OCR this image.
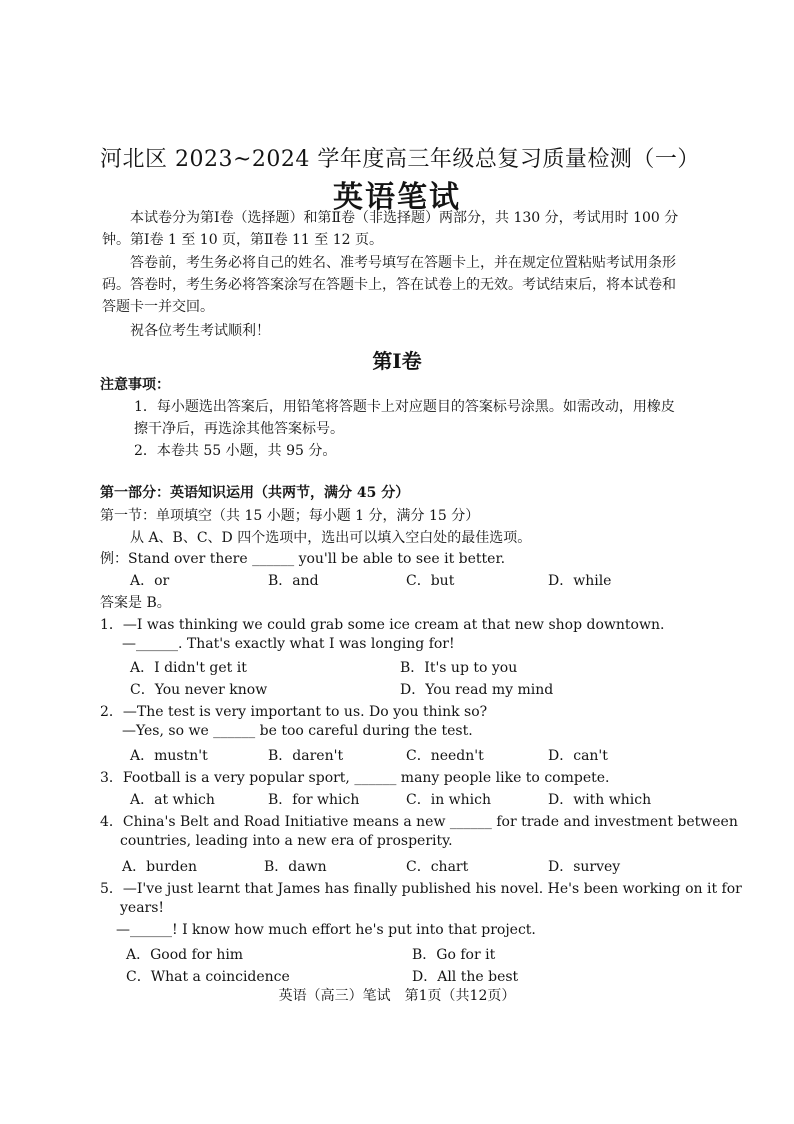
河北区 2023~2024 学年度高三年级总复习质量检测（一）
英语笔试
本试卷分为第Ⅰ卷（选择题）和第Ⅱ卷（非选择题）两部分，共 130 分，考试用时 100 分钟。第Ⅰ卷 1 至 10 页，第Ⅱ卷 11 至 12 页。
答卷前，考生务必将自己的姓名、准考号填写在答题卡上，并在规定位置粘贴考试用条形码。答卷时，考生务必将答案涂写在答题卡上，答在试卷上的无效。考试结束后，将本试卷和答题卡一并交回。
祝各位考生考试顺利！
第Ⅰ卷
注意事项：
1．每小题选出答案后，用铅笔将答题卡上对应题目的答案标号涂黑。如需改动，用橡皮擦干净后，再选涂其他答案标号。
2．本卷共 55 小题，共 95 分。
第一部分：英语知识运用（共两节，满分 45 分）
第一节：单项填空（共 15 小题；每小题 1 分，满分 15 分）
从 A、B、C、D 四个选项中，选出可以填入空白处的最佳选项。
例：Stand over there ______ you'll be able to see it better.
A．or	B．and	C．but	D．while
答案是 B。
1．—I was thinking we could grab some ice cream at that new shop downtown.
—______. That's exactly what I was longing for!
A．I didn't get it	B．It's up to you
C．You never know	D．You read my mind
2．—The test is very important to us. Do you think so?
—Yes, so we ______ be too careful during the test.
A．mustn't	B．daren't	C．needn't	D．can't
3．Football is a very popular sport, ______ many people like to compete.
A．at which	B．for which	C．in which	D．with which
4．China's Belt and Road Initiative means a new ______ for trade and investment between
countries, leading into a new era of prosperity.
A．burden	B．dawn	C．chart	D．survey
5．—I've just learnt that James has finally published his novel. He's been working on it for
years!
—______! I know how much effort he's put into that project.
A．Good for him	B．Go for it
C．What a coincidence	D．All the best
英语（高三）笔试　第1页（共12页）
